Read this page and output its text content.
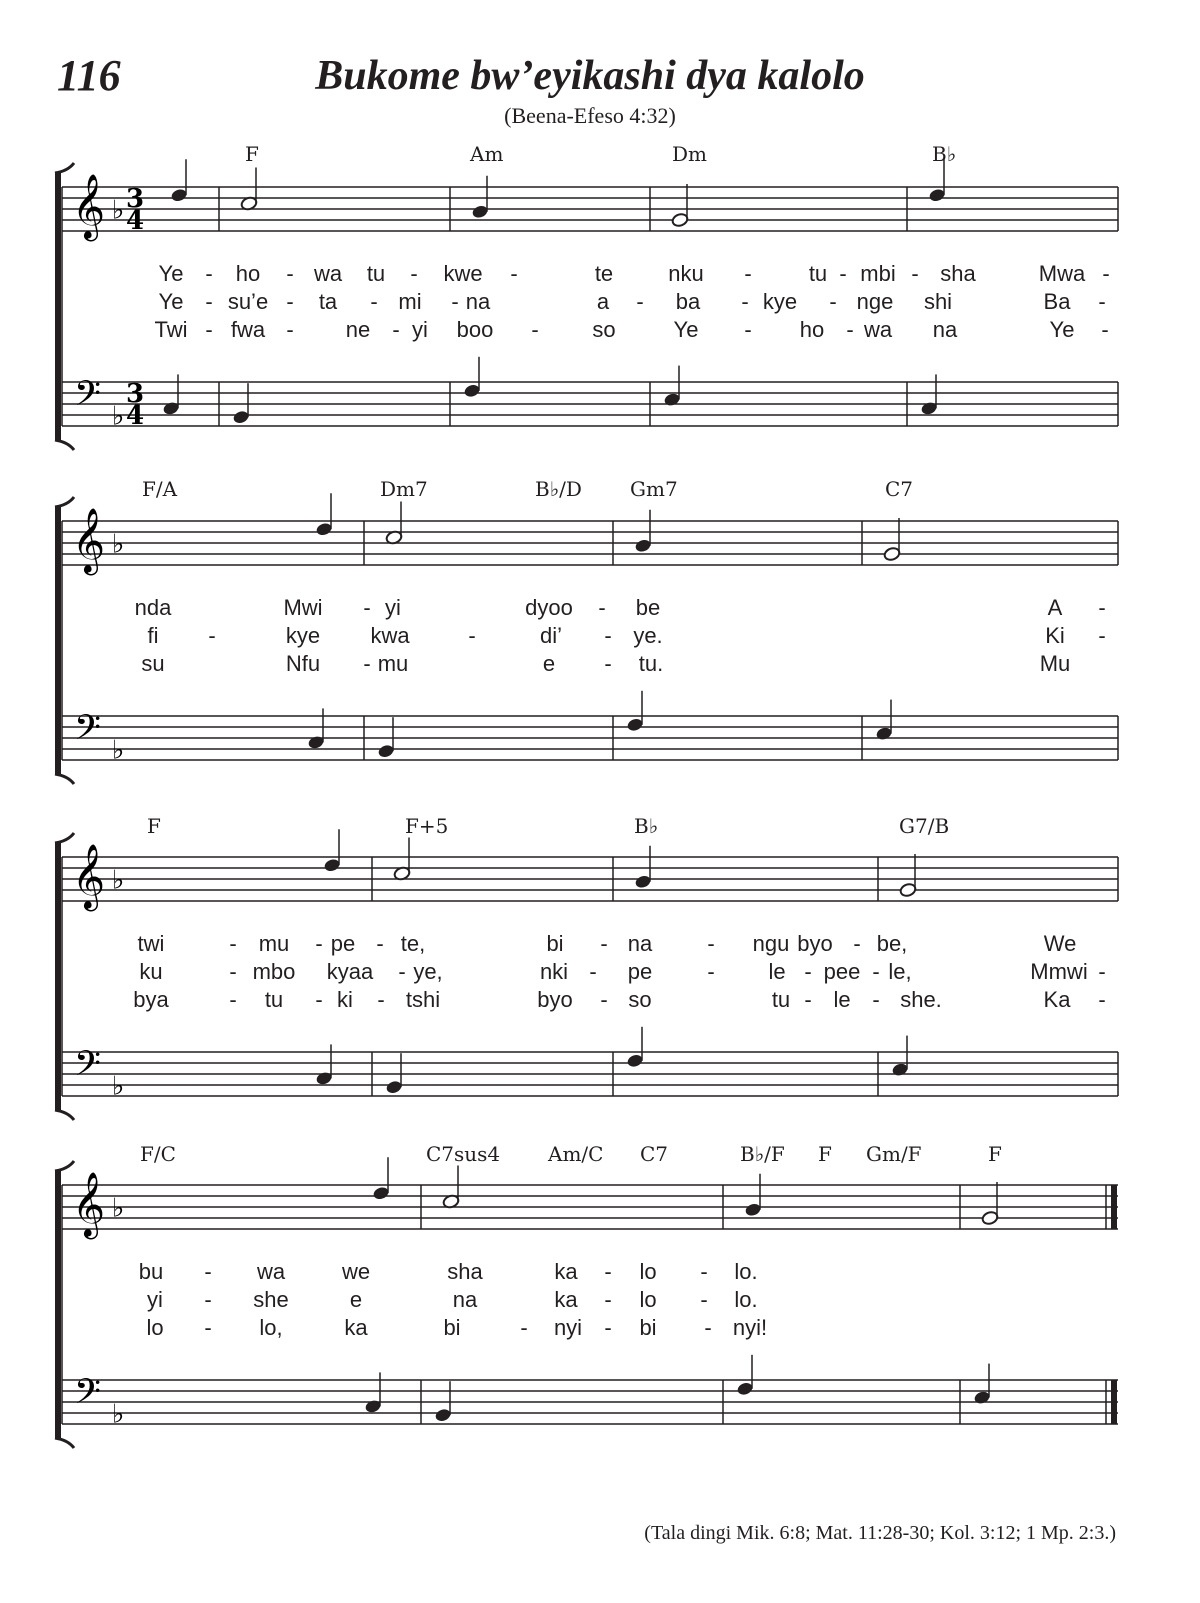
116	Bukome bw’eyikashi dya kalolo
(Beena-Efeso 4:32)
F	Am	Dm	B♭
𝄞
𝄢
♭
♭
3
4
3
4
Ye - ho - wa tu - kwe -	te	nku -	tu - mbi - sha	Mwa -
Ye - su’e - ta - mi - na	a - ba - kye - nge shi	Ba -
Twi - fwa - ne - yi boo - so	Ye - ho - wa na	Ye -
F/A	Dm7	B♭/D Gm7	C7
𝄞
𝄢
♭
♭
nda	Mwi - yi	dyoo - be	A -
fi -	kye kwa	-	di’ - ye.	Ki -
su	Nfu - mu	e - tu.	Mu
F	F+5	B♭	G7/B
𝄞
𝄢
♭
♭
twi	- mu - pe - te,	bi - na	- ngu byo - be,	We
ku	- mbo kyaa - ye,	nki - pe	- le - pee - le,	Mmwi -
bya	- tu - ki - tshi	byo - so	tu - le - she.	Ka -
F/C	C7sus4 Am/C C7	B♭/F F Gm/F	F
𝄞
𝄢
♭
♭
bu - wa	we	sha	ka - lo - lo.
yi - she	e	na	ka - lo - lo.
lo - lo,	ka	bi	- nyi - bi - nyi!
(Tala dingi Mik. 6:8; Mat. 11:28-30; Kol. 3:12; 1 Mp. 2:3.)
